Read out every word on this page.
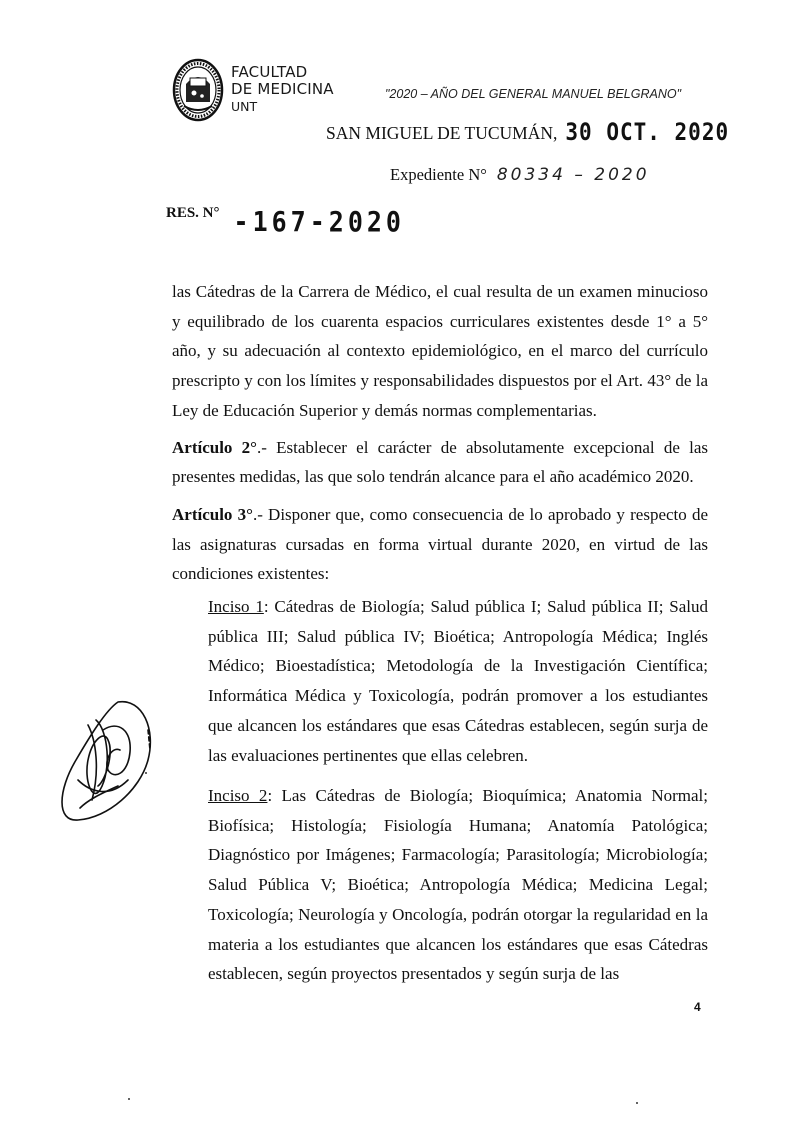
FACULTAD
DE MEDICINA
UNT
"2020 – AÑO DEL GENERAL MANUEL BELGRANO"
SAN MIGUEL DE TUCUMÁN, 30 OCT. 2020
Expediente N° 80334 – 2020
RES. N° -167-2020

las Cátedras de la Carrera de Médico, el cual resulta de un examen minucioso y equilibrado de los cuarenta espacios curriculares existentes desde 1° a 5° año, y su adecuación al contexto epidemiológico, en el marco del currículo prescripto y con los límites y responsabilidades dispuestos por el Art. 43° de la Ley de Educación Superior y demás normas complementarias.

Artículo 2°.- Establecer el carácter de absolutamente excepcional de las presentes medidas, las que solo tendrán alcance para el año académico 2020.

Artículo 3°.- Disponer que, como consecuencia de lo aprobado y respecto de las asignaturas cursadas en forma virtual durante 2020, en virtud de las condiciones existentes:

Inciso 1: Cátedras de Biología; Salud pública I; Salud pública II; Salud pública III; Salud pública IV; Bioética; Antropología Médica; Inglés Médico; Bioestadística; Metodología de la Investigación Científica; Informática Médica y Toxicología, podrán promover a los estudiantes que alcancen los estándares que esas Cátedras establecen, según surja de las evaluaciones pertinentes que ellas celebren.

Inciso 2: Las Cátedras de Biología; Bioquímica; Anatomia Normal; Biofísica; Histología; Fisiología Humana; Anatomía Patológica; Diagnóstico por Imágenes; Farmacología; Parasitología; Microbiología; Salud Pública V; Bioética; Antropología Médica; Medicina Legal; Toxicología; Neurología y Oncología, podrán otorgar la regularidad en la materia a los estudiantes que alcancen los estándares que esas Cátedras establecen, según proyectos presentados y según surja de las

4
